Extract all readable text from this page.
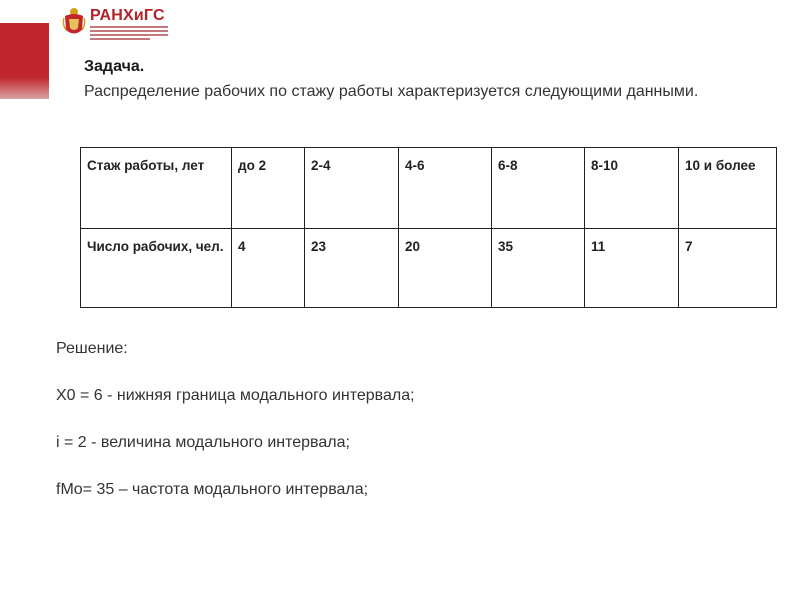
РАНХиГС
Задача.
Распределение рабочих по стажу работы характеризуется следующими данными.
Стаж работы, лет	до 2	2-4	4-6	6-8	8-10	10 и более
Число рабочих, чел.	4	23	20	35	11	7
Решение:
X0 = 6 - нижняя граница модального интервала;
i = 2 - величина модального интервала;
fMo= 35 – частота модального интервала;
